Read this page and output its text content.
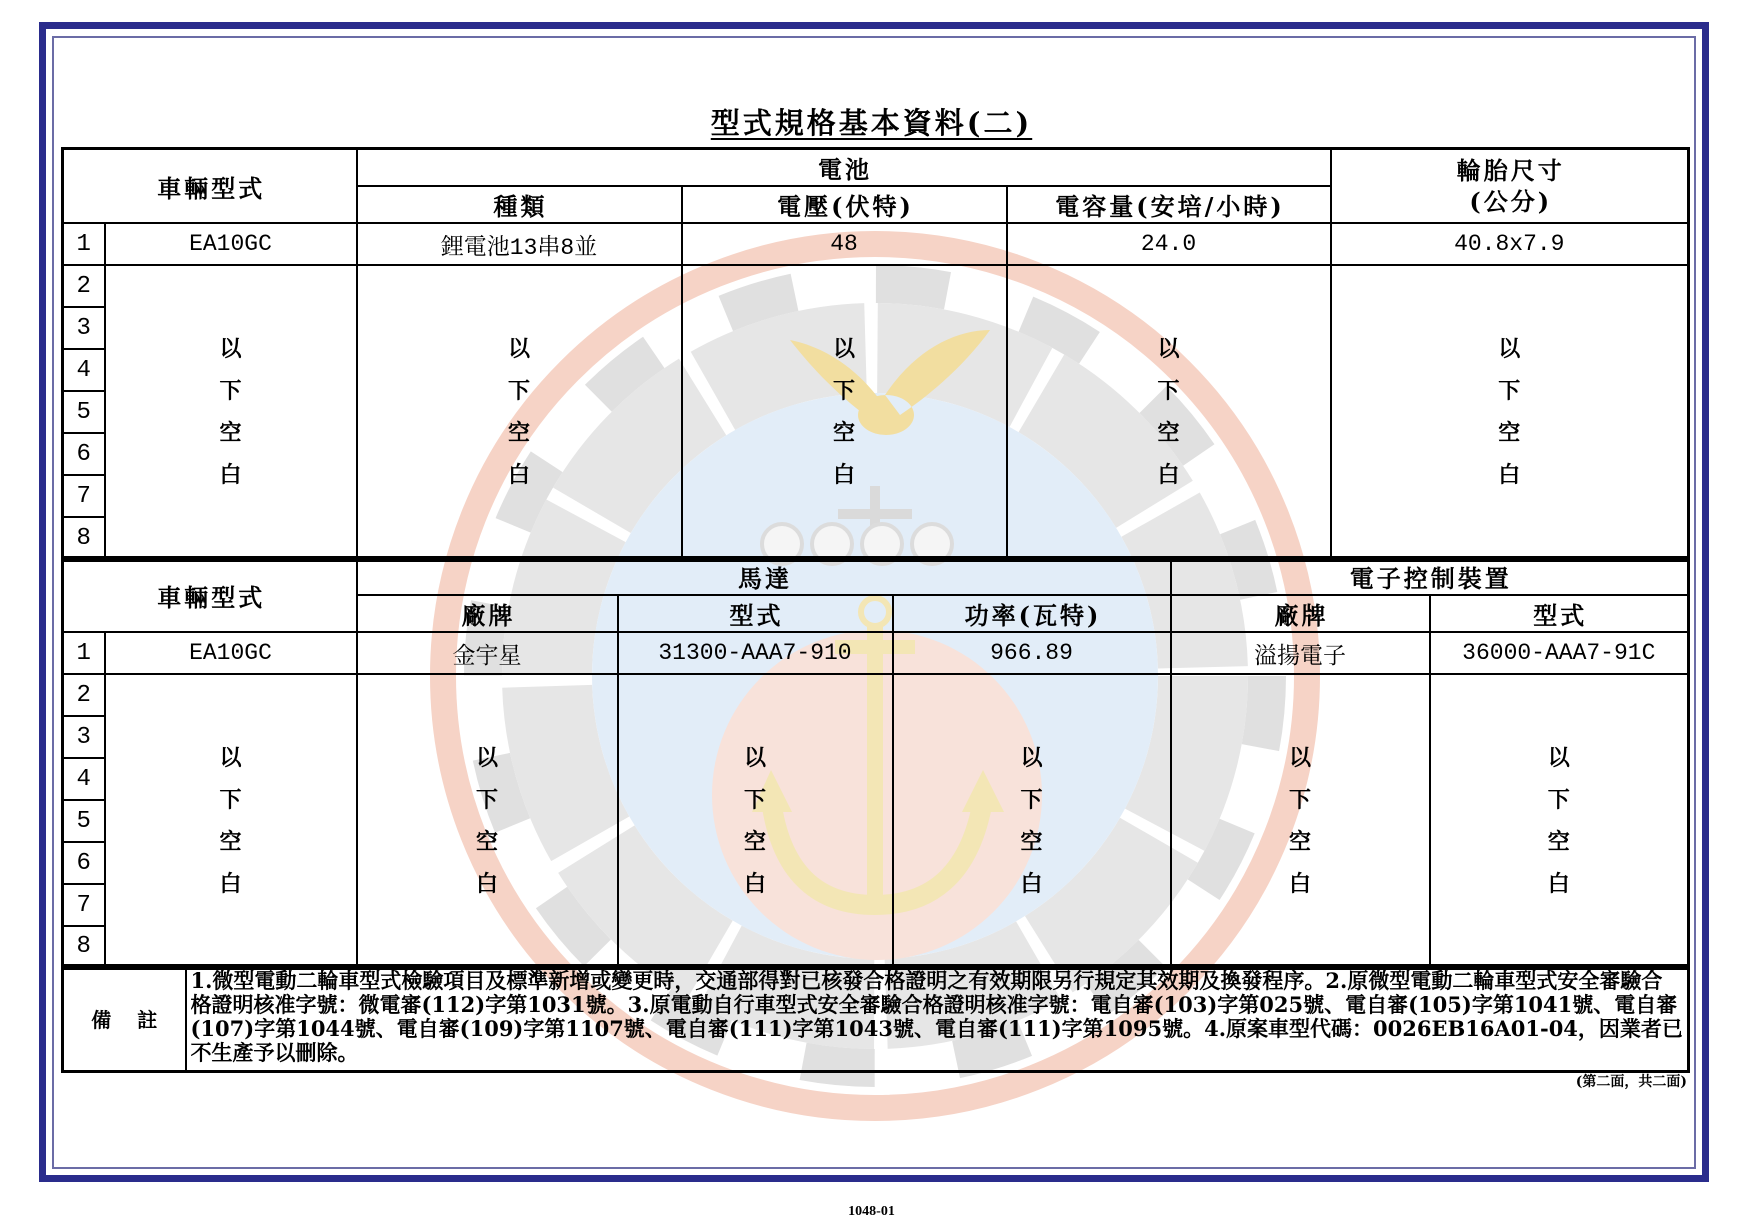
型式規格基本資料(二)
車輛型式		電池			輪胎尺寸
(公分)

		種類	電壓(伏特)	電容量(安培/小時)	
1	EA10GC	鋰電池13串8並	48	24.0	40.8x7.9
2	以
下
空
白	以
下
空
白	以
下
空
白	以
下
空
白	以
下
空
白

3					
4					
5					
6					
7					
8					
車輛型式		馬達			電子控制裝置	
		廠牌	型式	功率(瓦特)	廠牌	型式
1	EA10GC	金宇星	31300-AAA7-910	966.89	溢揚電子	36000-AAA7-91C
2	以
下
空
白	以
下
空
白	以
下
空
白	以
下
空
白	以
下
空
白	以
下
空
白

3						
4						
5						
6						
7						
8						
備註	
1.微型電動二輪車型式檢驗項目及標準新增或變更時，交通部得對已核發合格證明之有效期限另行規定其效期及換發程序。2.原微型電動二輪車型式安全審驗合格證明核准字號：微電審(112)字第1031號。3.原電動自行車型式安全審驗合格證明核准字號：電自審(103)字第025號、電自審(105)字第1041號、電自審(107)字第1044號、電自審(109)字第1107號、電自審(111)字第1043號、電自審(111)字第1095號。4.原案車型代碼：0026EB16A01-04，因業者已不生產予以刪除。
(第二面，共二面)
1048-01
